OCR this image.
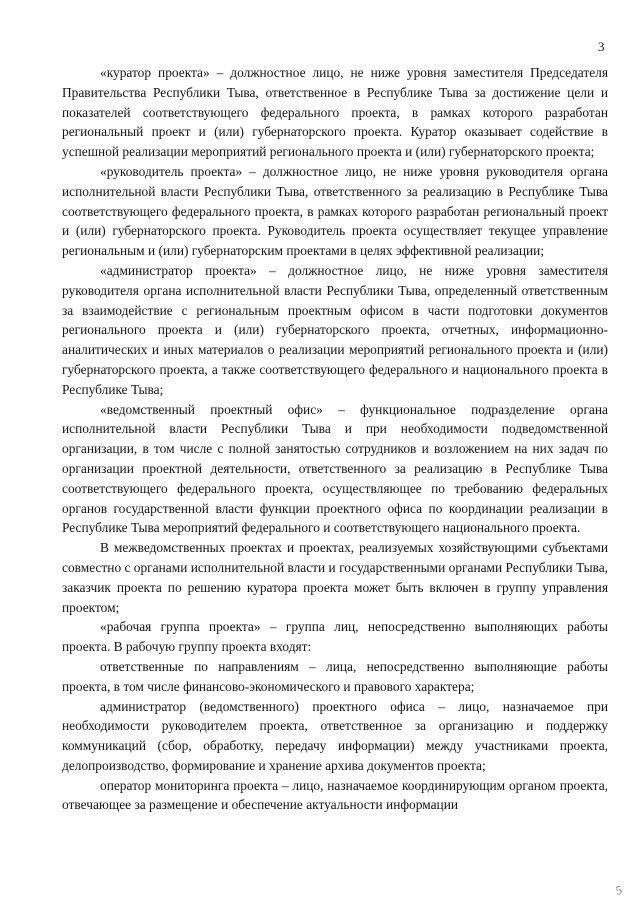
3

«куратор проекта» – должностное лицо, не ниже уровня заместителя Председателя Правительства Республики Тыва, ответственное в Республике Тыва за достижение цели и показателей соответствующего федерального проекта, в рамках которого разработан региональный проект и (или) губернаторского проекта. Куратор оказывает содействие в успешной реализации мероприятий регионального проекта и (или) губернаторского проекта;

«руководитель проекта» – должностное лицо, не ниже уровня руководителя органа исполнительной власти Республики Тыва, ответственного за реализацию в Республике Тыва соответствующего федерального проекта, в рамках которого разработан региональный проект и (или) губернаторского проекта. Руководитель проекта осуществляет текущее управление региональным и (или) губернаторским проектами в целях эффективной реализации;

«администратор проекта» – должностное лицо, не ниже уровня заместителя руководителя органа исполнительной власти Республики Тыва, определенный ответственным за взаимодействие с региональным проектным офисом в части подготовки документов регионального проекта и (или) губернаторского проекта, отчетных, информационно-аналитических и иных материалов о реализации мероприятий регионального проекта и (или) губернаторского проекта, а также соответствующего федерального и национального проекта в Республике Тыва;

«ведомственный проектный офис» – функциональное подразделение органа исполнительной власти Республики Тыва и при необходимости подведомственной организации, в том числе с полной занятостью сотрудников и возложением на них задач по организации проектной деятельности, ответственного за реализацию в Республике Тыва соответствующего федерального проекта, осуществляющее по требованию федеральных органов государственной власти функции проектного офиса по координации реализации в Республике Тыва мероприятий федерального и соответствующего национального проекта.

В межведомственных проектах и проектах, реализуемых хозяйствующими субъектами совместно с органами исполнительной власти и государственными органами Республики Тыва, заказчик проекта по решению куратора проекта может быть включен в группу управления проектом;

«рабочая группа проекта» – группа лиц, непосредственно выполняющих работы проекта. В рабочую группу проекта входят:

ответственные по направлениям – лица, непосредственно выполняющие работы проекта, в том числе финансово-экономического и правового характера;

администратор (ведомственного) проектного офиса – лицо, назначаемое при необходимости руководителем проекта, ответственное за организацию и поддержку коммуникаций (сбор, обработку, передачу информации) между участниками проекта, делопроизводство, формирование и хранение архива документов проекта;

оператор мониторинга проекта – лицо, назначаемое координирующим органом проекта, отвечающее за размещение и обеспечение актуальности информации

5
